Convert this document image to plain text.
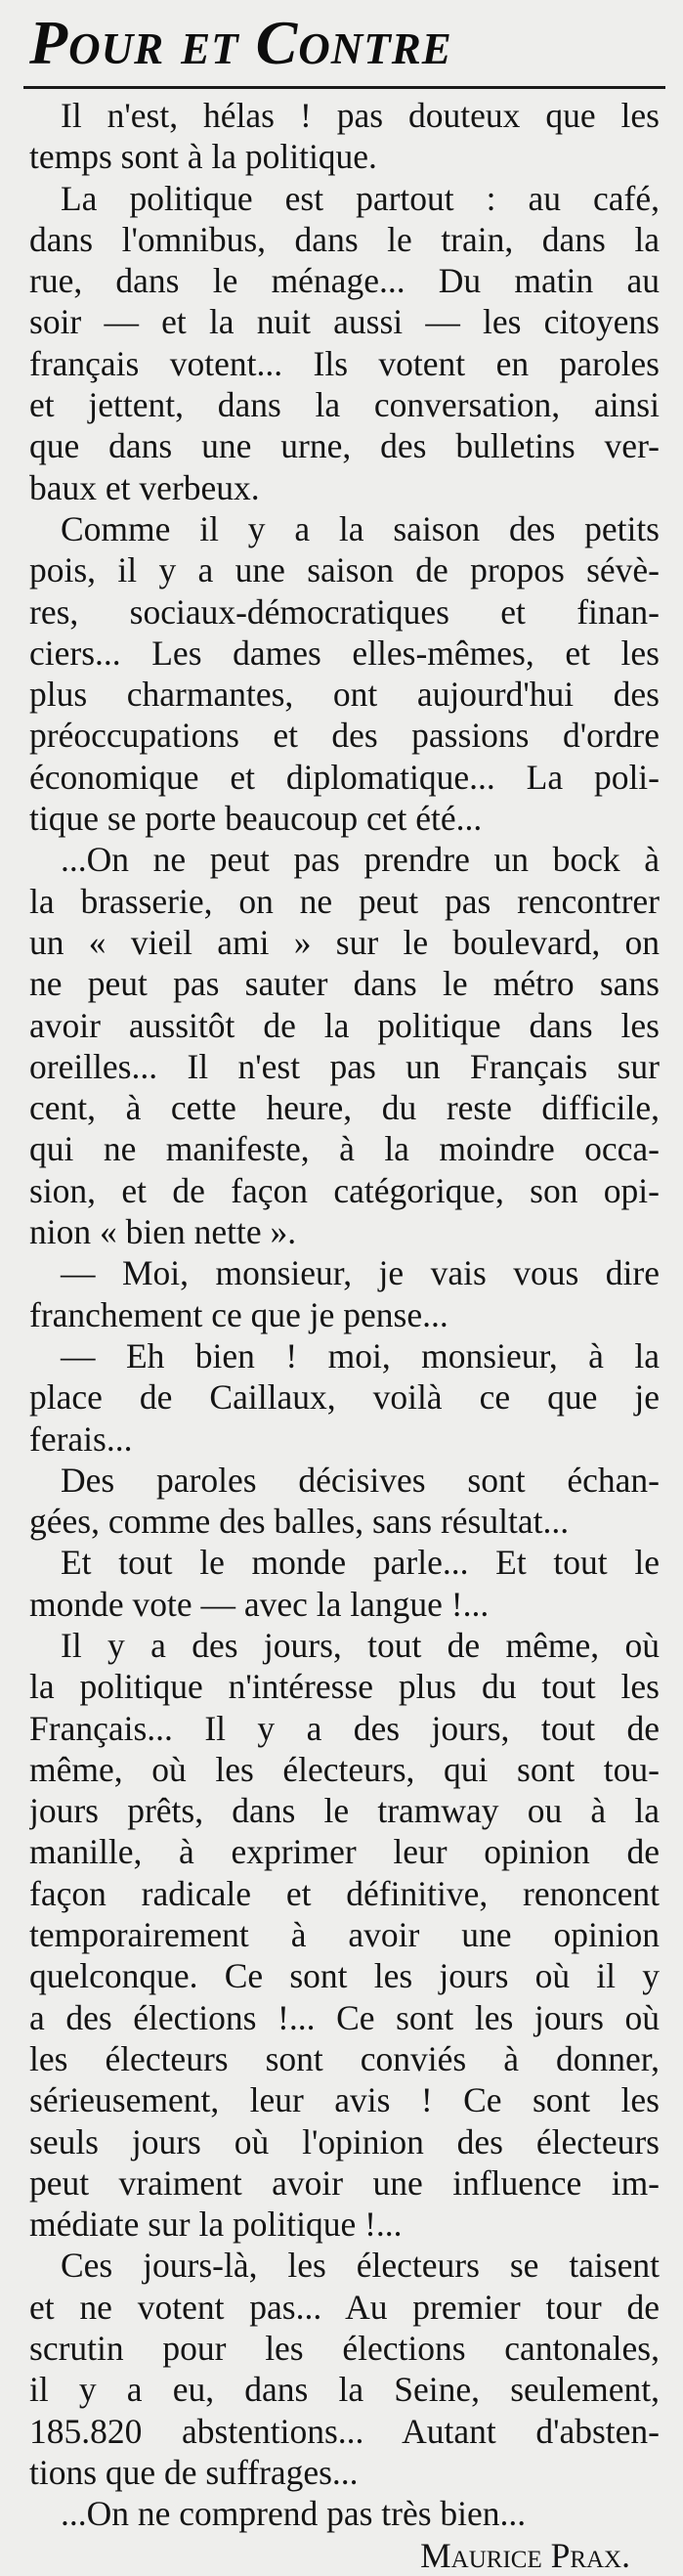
Pour et Contre
Il n'est, hélas ! pas douteux que les
temps sont à la politique.
La politique est partout : au café,
dans l'omnibus, dans le train, dans la
rue, dans le ménage... Du matin au
soir — et la nuit aussi — les citoyens
français votent... Ils votent en paroles
et jettent, dans la conversation, ainsi
que dans une urne, des bulletins ver-
baux et verbeux.
Comme il y a la saison des petits
pois, il y a une saison de propos sévè-
res, sociaux-démocratiques et finan-
ciers... Les dames elles-mêmes, et les
plus charmantes, ont aujourd'hui des
préoccupations et des passions d'ordre
économique et diplomatique... La poli-
tique se porte beaucoup cet été...
...On ne peut pas prendre un bock à
la brasserie, on ne peut pas rencontrer
un « vieil ami » sur le boulevard, on
ne peut pas sauter dans le métro sans
avoir aussitôt de la politique dans les
oreilles... Il n'est pas un Français sur
cent, à cette heure, du reste difficile,
qui ne manifeste, à la moindre occa-
sion, et de façon catégorique, son opi-
nion « bien nette ».
— Moi, monsieur, je vais vous dire
franchement ce que je pense...
— Eh bien ! moi, monsieur, à la
place de Caillaux, voilà ce que je
ferais...
Des paroles décisives sont échan-
gées, comme des balles, sans résultat...
Et tout le monde parle... Et tout le
monde vote — avec la langue !...
Il y a des jours, tout de même, où
la politique n'intéresse plus du tout les
Français... Il y a des jours, tout de
même, où les électeurs, qui sont tou-
jours prêts, dans le tramway ou à la
manille, à exprimer leur opinion de
façon radicale et définitive, renoncent
temporairement à avoir une opinion
quelconque. Ce sont les jours où il y
a des élections !... Ce sont les jours où
les électeurs sont conviés à donner,
sérieusement, leur avis ! Ce sont les
seuls jours où l'opinion des électeurs
peut vraiment avoir une influence im-
médiate sur la politique !...
Ces jours-là, les électeurs se taisent
et ne votent pas... Au premier tour de
scrutin pour les élections cantonales,
il y a eu, dans la Seine, seulement,
185.820 abstentions... Autant d'absten-
tions que de suffrages...
...On ne comprend pas très bien...
Maurice Prax.
